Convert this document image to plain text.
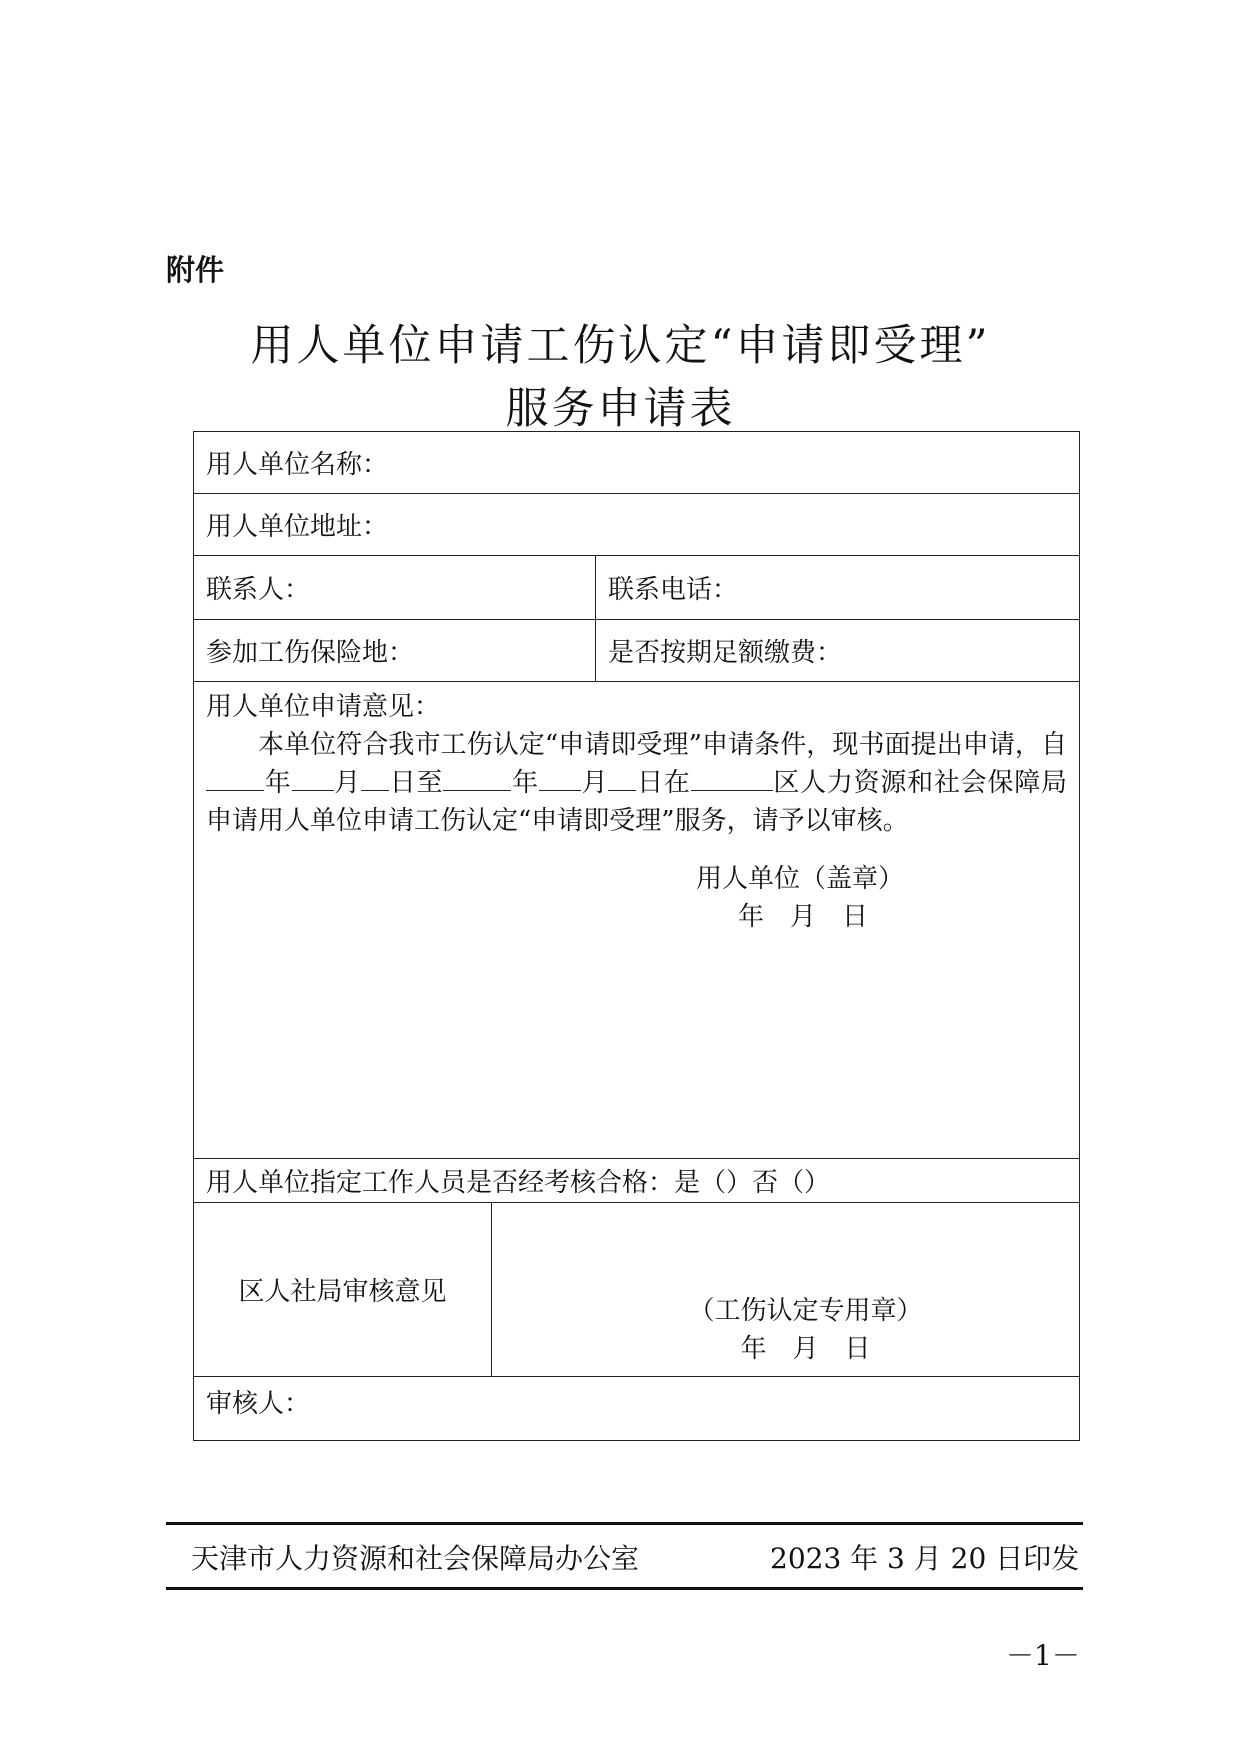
附件
用人单位申请工伤认定“申请即受理”
服务申请表
用人单位名称：		
用人单位地址：		
联系人：		联系电话：
参加工伤保险地：		是否按期足额缴费：

用人单位申请意见：

本单位符合我市工伤认定“申请即受理”申请条件，现书面提出申请，自年 月 日至 年 月 日在 区人力资源和社会保障局申请用人单位申请工伤认定“申请即受理”服务，请予以审核。

用人单位（盖章）
年　月　日		

用人单位指定工作人员是否经考核合格：是（）否（）		
区人社局审核意见	（工伤认定专用章）
年　月　日	

审核人：		
天津市人力资源和社会保障局办公室	2023 年 3 月 20 日印发
－1－
